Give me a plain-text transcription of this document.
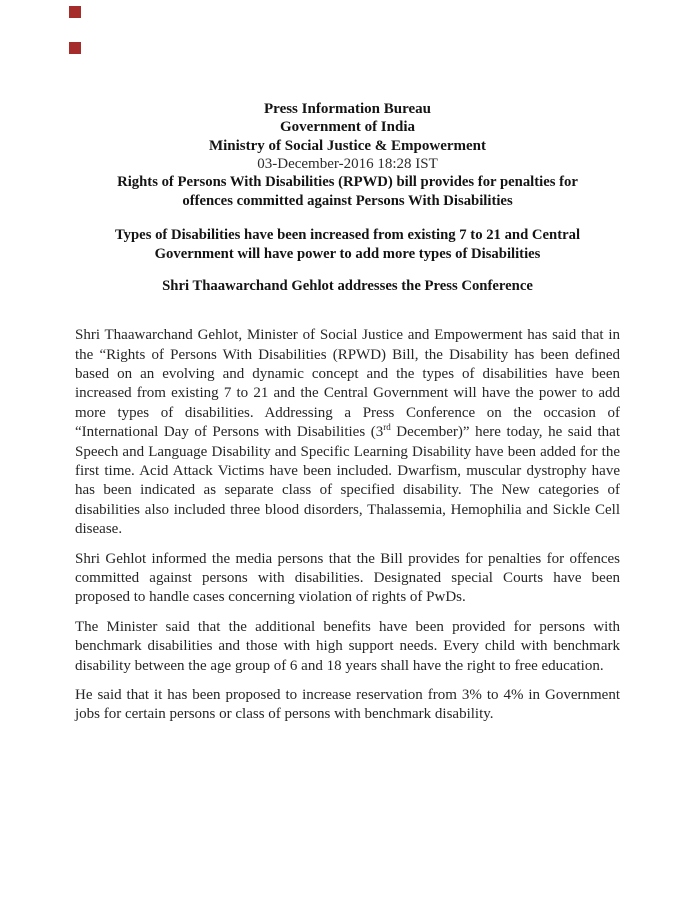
Press Information Bureau
Government of India
Ministry of Social Justice & Empowerment
03-December-2016 18:28 IST
Rights of Persons With Disabilities (RPWD) bill provides for penalties for
offences committed against Persons With Disabilities
Types of Disabilities have been increased from existing 7 to 21 and Central
Government will have power to add more types of Disabilities
Shri Thaawarchand Gehlot addresses the Press Conference

Shri Thaawarchand Gehlot, Minister of Social Justice and Empowerment has said that in the “Rights of Persons With Disabilities (RPWD) Bill, the Disability has been defined based on an evolving and dynamic concept and the types of disabilities have been increased from existing 7 to 21 and the Central Government will have the power to add more types of disabilities. Addressing a Press Conference on the occasion of “International Day of Persons with Disabilities (3rd December)” here today, he said that Speech and Language Disability and Specific Learning Disability have been added for the first time. Acid Attack Victims have been included. Dwarfism, muscular dystrophy have has been indicated as separate class of specified disability. The New categories of disabilities also included three blood disorders, Thalassemia, Hemophilia and Sickle Cell disease.

Shri Gehlot informed the media persons that the Bill provides for penalties for offences committed against persons with disabilities. Designated special Courts have been proposed to handle cases concerning violation of rights of PwDs.

The Minister said that the additional benefits have been provided for persons with benchmark disabilities and those with high support needs. Every child with benchmark disability between the age group of 6 and 18 years shall have the right to free education.

He said that it has been proposed to increase reservation from 3% to 4% in Government jobs for certain persons or class of persons with benchmark disability.
